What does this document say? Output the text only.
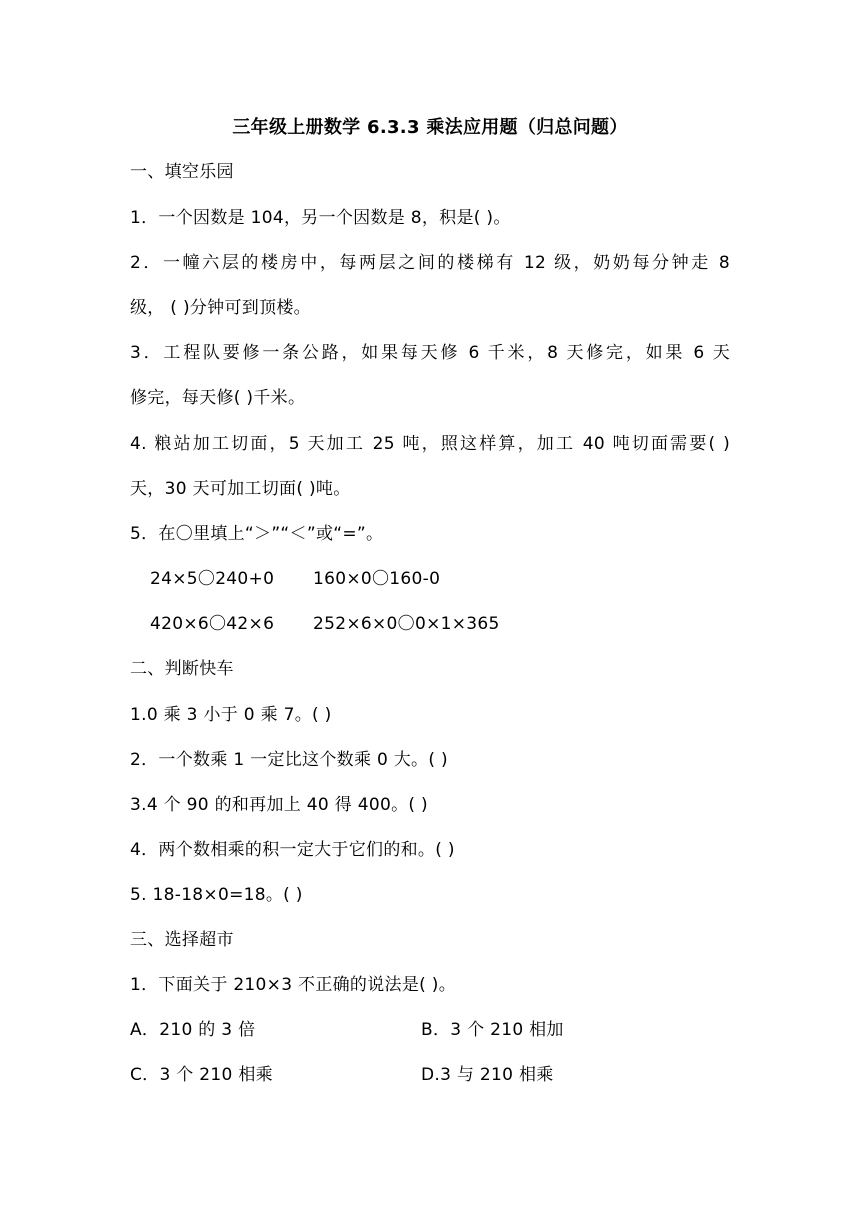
三年级上册数学 6.3.3 乘法应用题（归总问题）
一、填空乐园
1．一个因数是 104，另一个因数是 8，积是( )。
2．一幢六层的楼房中，每两层之间的楼梯有 12 级，奶奶每分钟走 8
级， ( )分钟可到顶楼。
3．工程队要修一条公路，如果每天修 6 千米，8 天修完，如果 6 天
修完，每天修( )千米。
4. 粮站加工切面，5 天加工 25 吨，照这样算，加工 40 吨切面需要( )
天，30 天可加工切面( )吨。
5．在〇里填上“＞”“＜”或“=”。
24×5〇240+0 160×0〇160-0
420×6〇42×6 252×6×0〇0×1×365
二、判断快车
1.0 乘 3 小于 0 乘 7。( )
2．一个数乘 1 一定比这个数乘 0 大。( )
3.4 个 90 的和再加上 40 得 400。( )
4．两个数相乘的积一定大于它们的和。( )
5. 18-18×0=18。( )
三、选择超市
1．下面关于 210×3 不正确的说法是( )。
A．210 的 3 倍	B．3 个 210 相加
C．3 个 210 相乘	D.3 与 210 相乘
